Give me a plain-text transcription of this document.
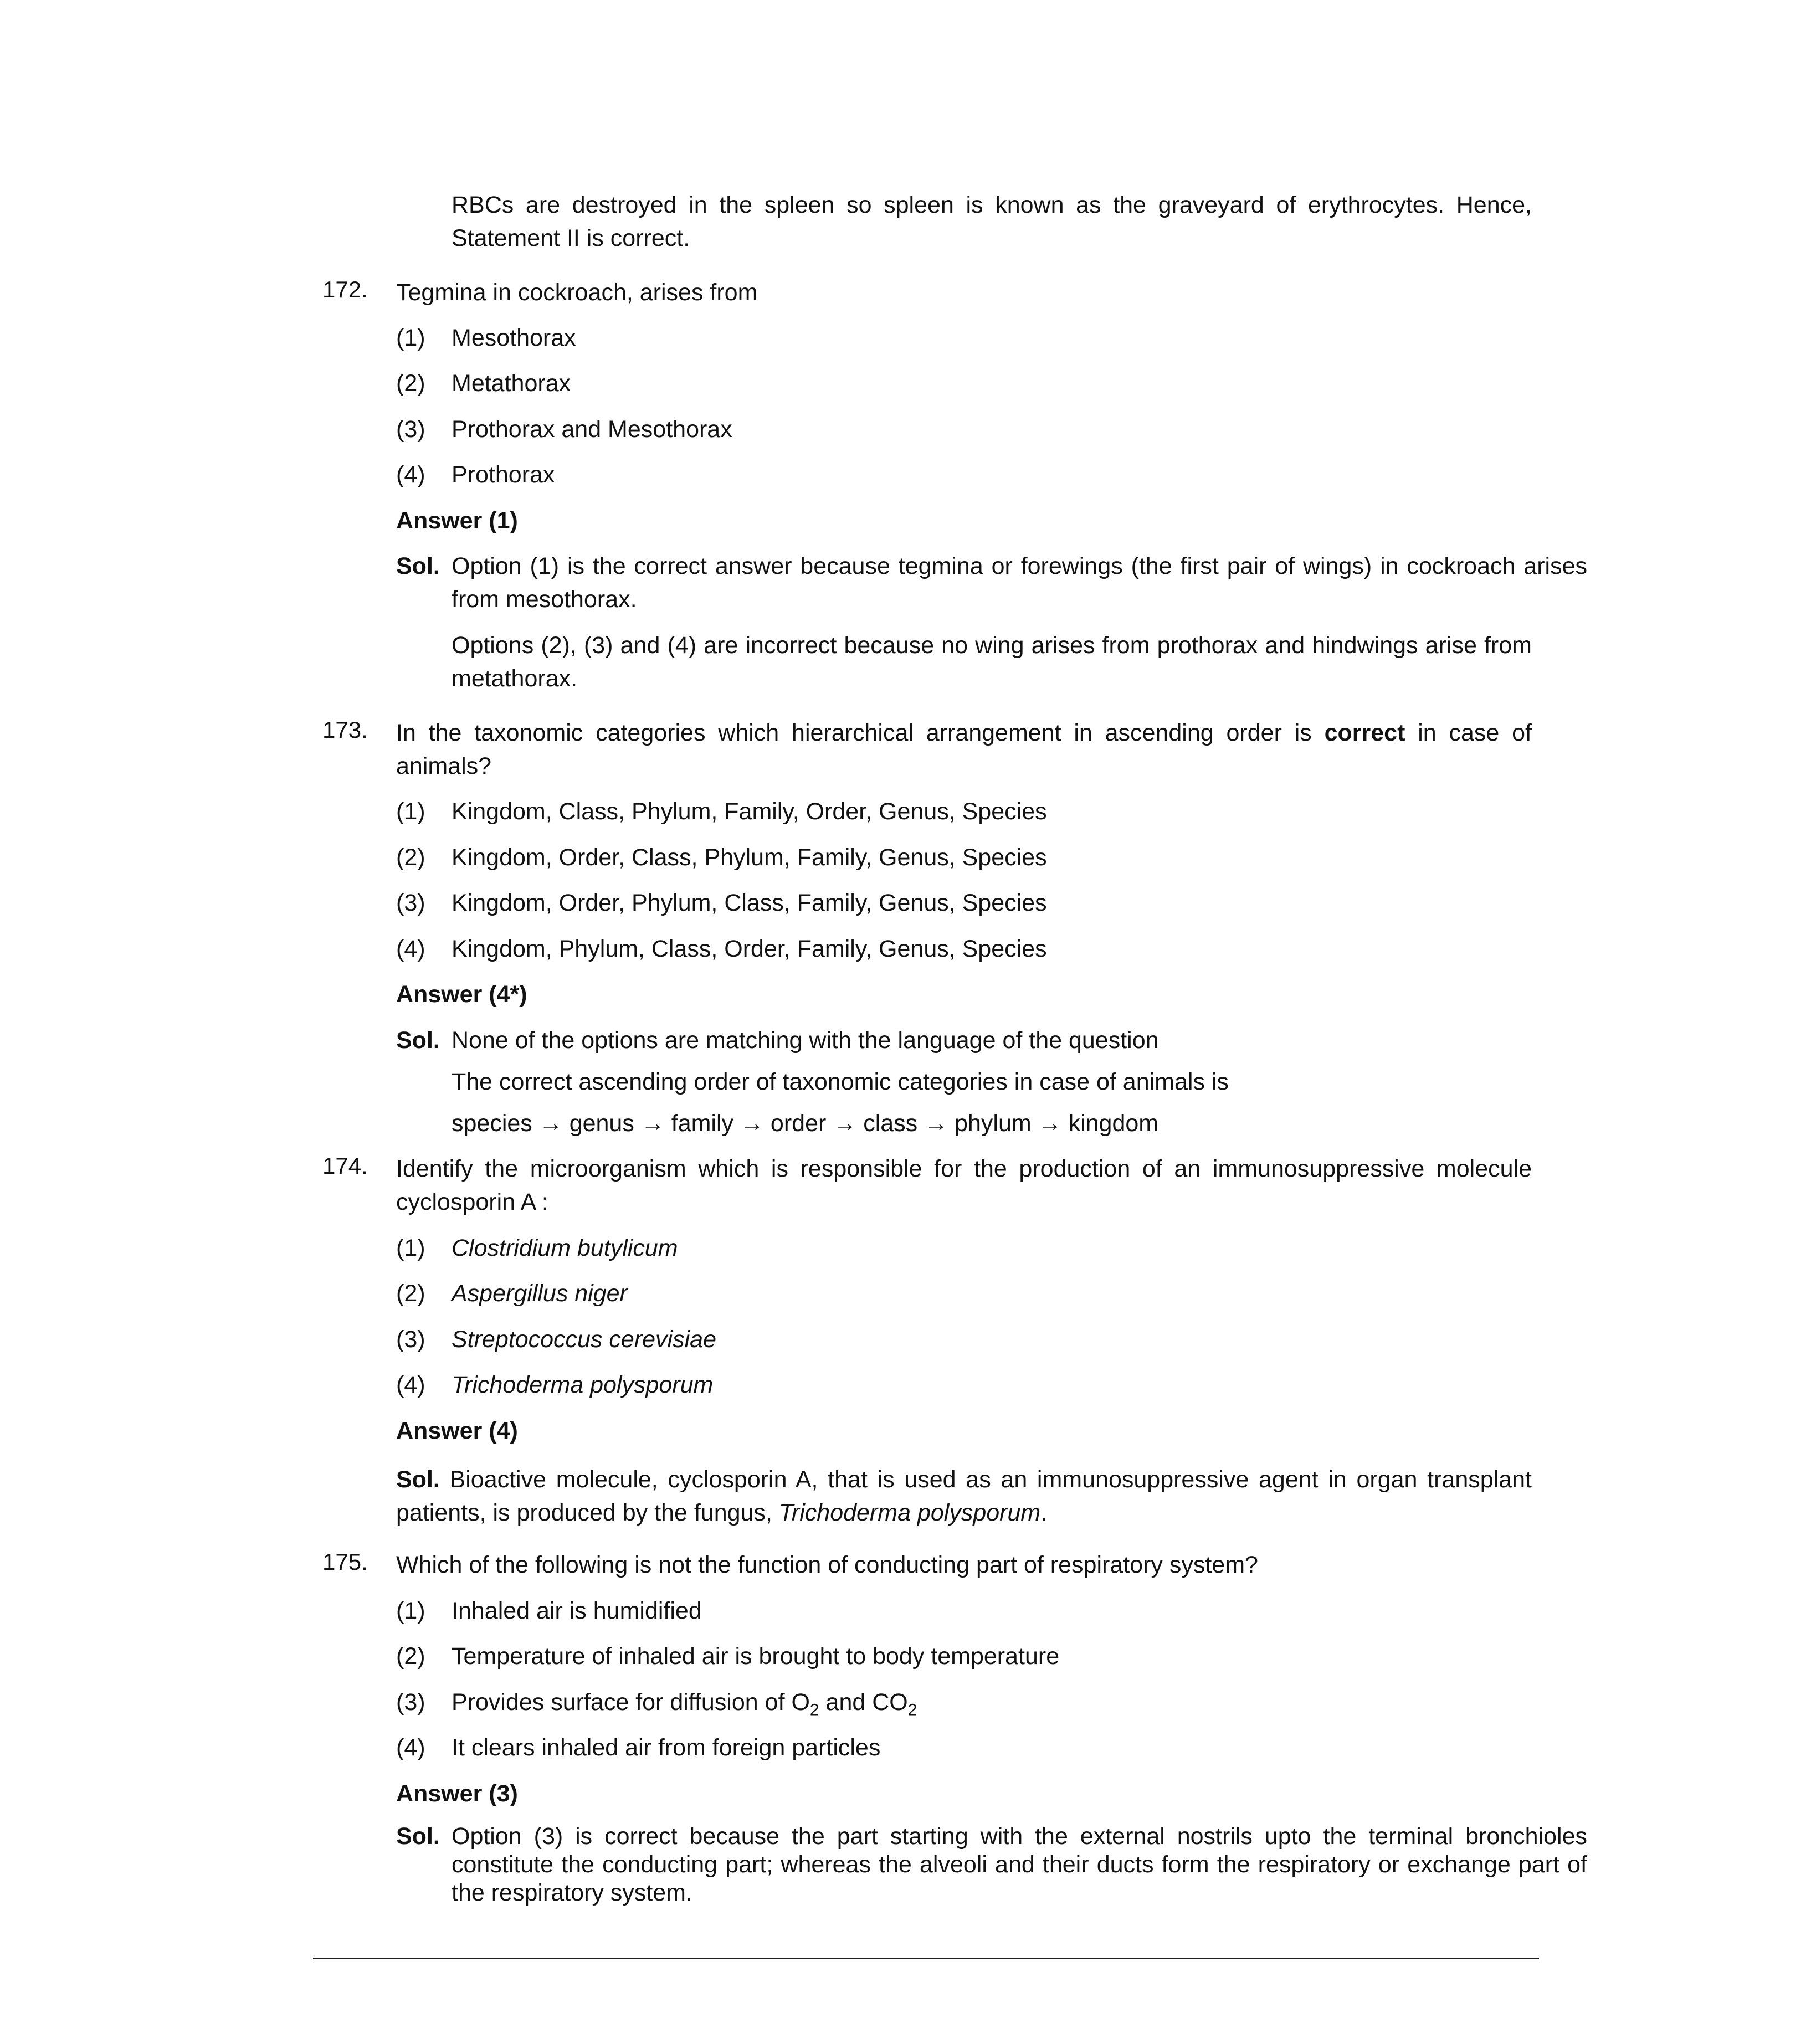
RBCs are destroyed in the spleen so spleen is known as the graveyard of erythrocytes. Hence, Statement II is correct.
172. Tegmina in cockroach, arises from
(1) Mesothorax
(2) Metathorax
(3) Prothorax and Mesothorax
(4) Prothorax
Answer (1)
Sol. Option (1) is the correct answer because tegmina or forewings (the first pair of wings) in cockroach arises from mesothorax.
Options (2), (3) and (4) are incorrect because no wing arises from prothorax and hindwings arise from metathorax.
173. In the taxonomic categories which hierarchical arrangement in ascending order is correct in case of animals?
(1) Kingdom, Class, Phylum, Family, Order, Genus, Species
(2) Kingdom, Order, Class, Phylum, Family, Genus, Species
(3) Kingdom, Order, Phylum, Class, Family, Genus, Species
(4) Kingdom, Phylum, Class, Order, Family, Genus, Species
Answer (4*)
Sol. None of the options are matching with the language of the question
The correct ascending order of taxonomic categories in case of animals is
species → genus → family → order → class → phylum → kingdom
174. Identify the microorganism which is responsible for the production of an immunosuppressive molecule cyclosporin A :
(1) Clostridium butylicum
(2) Aspergillus niger
(3) Streptococcus cerevisiae
(4) Trichoderma polysporum
Answer (4)
Sol. Bioactive molecule, cyclosporin A, that is used as an immunosuppressive agent in organ transplant patients, is produced by the fungus, Trichoderma polysporum.
175. Which of the following is not the function of conducting part of respiratory system?
(1) Inhaled air is humidified
(2) Temperature of inhaled air is brought to body temperature
(3) Provides surface for diffusion of $O_2$ and $CO_2$
(4) It clears inhaled air from foreign particles
Answer (3)
Sol. Option (3) is correct because the part starting with the external nostrils upto the terminal bronchioles constitute the conducting part; whereas the alveoli and their ducts form the respiratory or exchange part of the respiratory system.
